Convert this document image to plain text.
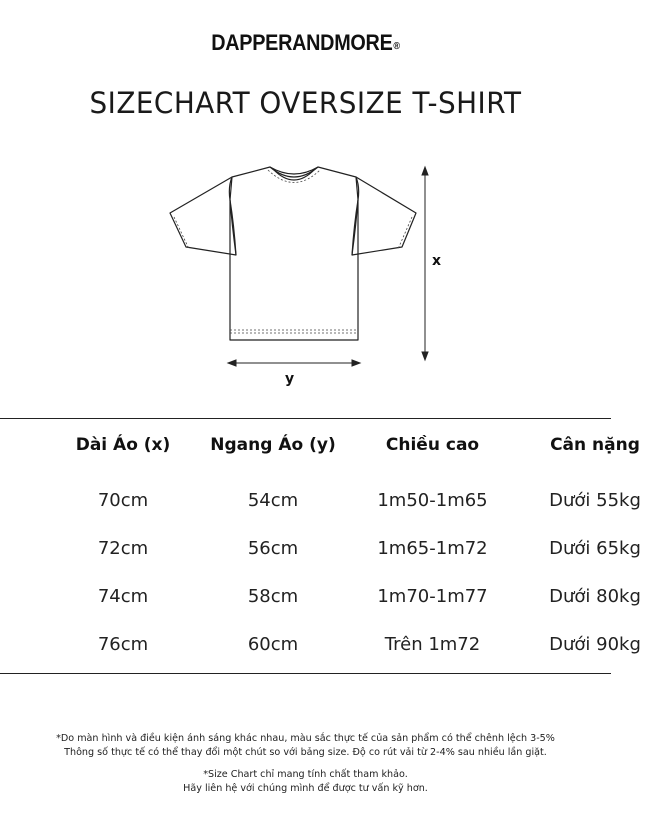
DAPPERANDMORE®
SIZECHART OVERSIZE T-SHIRT
x
y
Dài Áo (x)	Ngang Áo (y)	Chiều cao	Cân nặng
70cm	54cm	1m50-1m65	Dưới 55kg
72cm	56cm	1m65-1m72	Dưới 65kg
74cm	58cm	1m70-1m77	Dưới 80kg
76cm	60cm	Trên 1m72	Dưới 90kg
*Do màn hình và điều kiện ánh sáng khác nhau, màu sắc thực tế của sản phẩm có thể chênh lệch 3-5%
Thông số thực tế có thể thay đổi một chút so với bảng size. Độ co rút vải từ 2-4% sau nhiều lần giặt.
*Size Chart chỉ mang tính chất tham khảo.
Hãy liên hệ với chúng mình để được tư vấn kỹ hơn.
